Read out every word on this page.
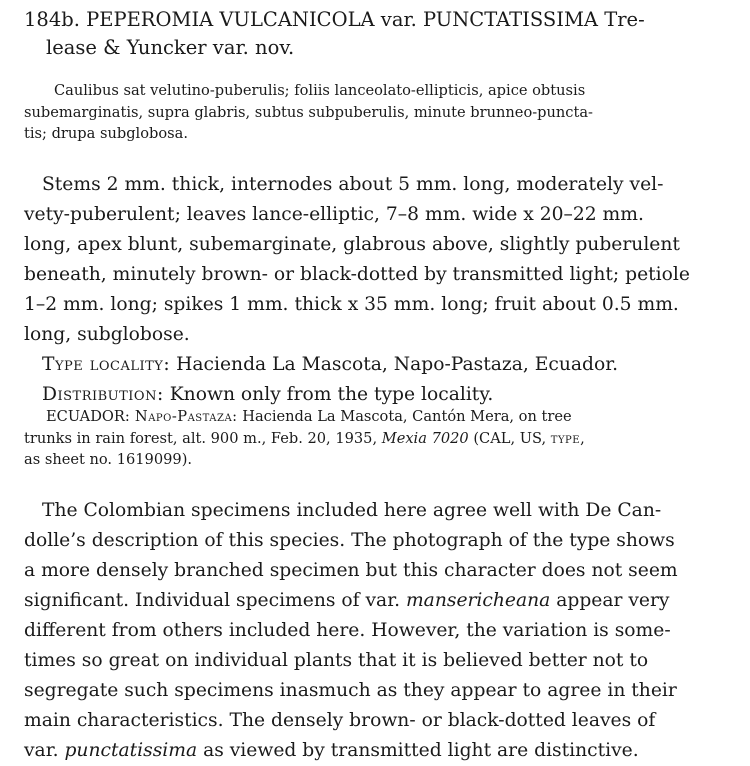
184b. PEPEROMIA VULCANICOLA var. PUNCTATISSIMA Tre-
lease & Yuncker var. nov.

Caulibus sat velutino-puberulis; foliis lanceolato-ellipticis, apice obtusis
subemarginatis, supra glabris, subtus subpuberulis, minute brunneo-puncta-
tis; drupa subglobosa.

Stems 2 mm. thick, internodes about 5 mm. long, moderately vel-
vety-puberulent; leaves lance-elliptic, 7–8 mm. wide x 20–22 mm.
long, apex blunt, subemarginate, glabrous above, slightly puberulent
beneath, minutely brown- or black-dotted by transmitted light; petiole
1–2 mm. long; spikes 1 mm. thick x 35 mm. long; fruit about 0.5 mm.
long, subglobose.
Type locality: Hacienda La Mascota, Napo-Pastaza, Ecuador.
Distribution: Known only from the type locality.

ECUADOR: Napo-Pastaza: Hacienda La Mascota, Cantón Mera, on tree
trunks in rain forest, alt. 900 m., Feb. 20, 1935, Mexia 7020 (CAL, US, type,
as sheet no. 1619099).

The Colombian specimens included here agree well with De Can-
dolle’s description of this species. The photograph of the type shows
a more densely branched specimen but this character does not seem
significant. Individual specimens of var. mansericheana appear very
different from others included here. However, the variation is some-
times so great on individual plants that it is believed better not to
segregate such specimens inasmuch as they appear to agree in their
main characteristics. The densely brown- or black-dotted leaves of
var. punctatissima as viewed by transmitted light are distinctive.
